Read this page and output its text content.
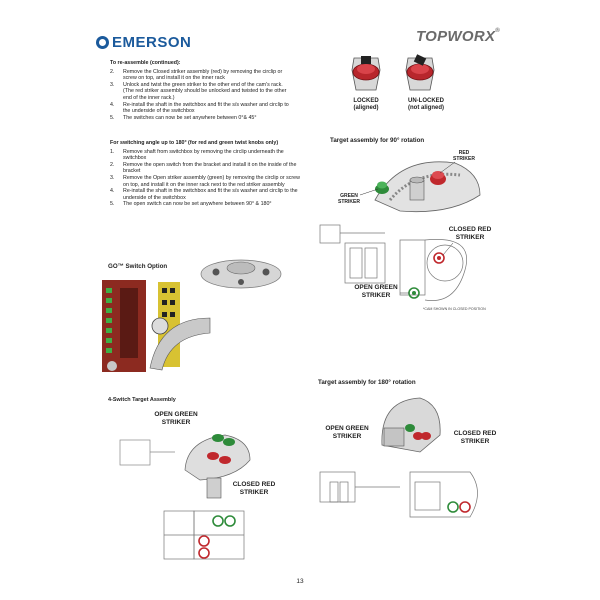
EMERSON	TOPWORX®
To re-assemble (continued):
2.	Remove the Closed striker assembly (red) by removing the circlip or screw on top, and install it on the inner rack
3.	Unlock and twist the green striker to the other end of the cam's rack.(The red striker assembly should be unlocked and twisted to the other end of the inner rack.)
4.	Re-install the shaft in the switchbox and fit the s/s washer and circlip to the underside of the switchbox
5.	The switches can now be set anywhere between 0°& 45°
For switching angle up to 180° (for red and green twist knobs only)
1.	Remove shaft from switchbox by removing the circlip underneath the switchbox
2.	Remove the open switch from the bracket and install it on the inside of the bracket
3.	Remove the Open striker assembly (green) by removing the circlip or screw on top, and install it on the inner rack next to the red striker assembly
4.	Re-install the shaft in the switchbox and fit the s/s washer and circlip to the underside of the switchbox
5.	The open switch can now be set anywhere between 90° & 180°
LOCKED
(aligned)
UN-LOCKED
(not aligned)
Target assembly for 90° rotation
RED
STRIKER
GREEN
STRIKER
CLOSED RED
STRIKER
OPEN GREEN
STRIKER
*CAM SHOWN IN CLOSED POSITION
GO™ Switch Option
Target assembly for 180° rotation
OPEN GREEN
STRIKER	CLOSED RED
STRIKER
4-Switch Target Assembly
OPEN GREEN
STRIKER
CLOSED RED
STRIKER
13
